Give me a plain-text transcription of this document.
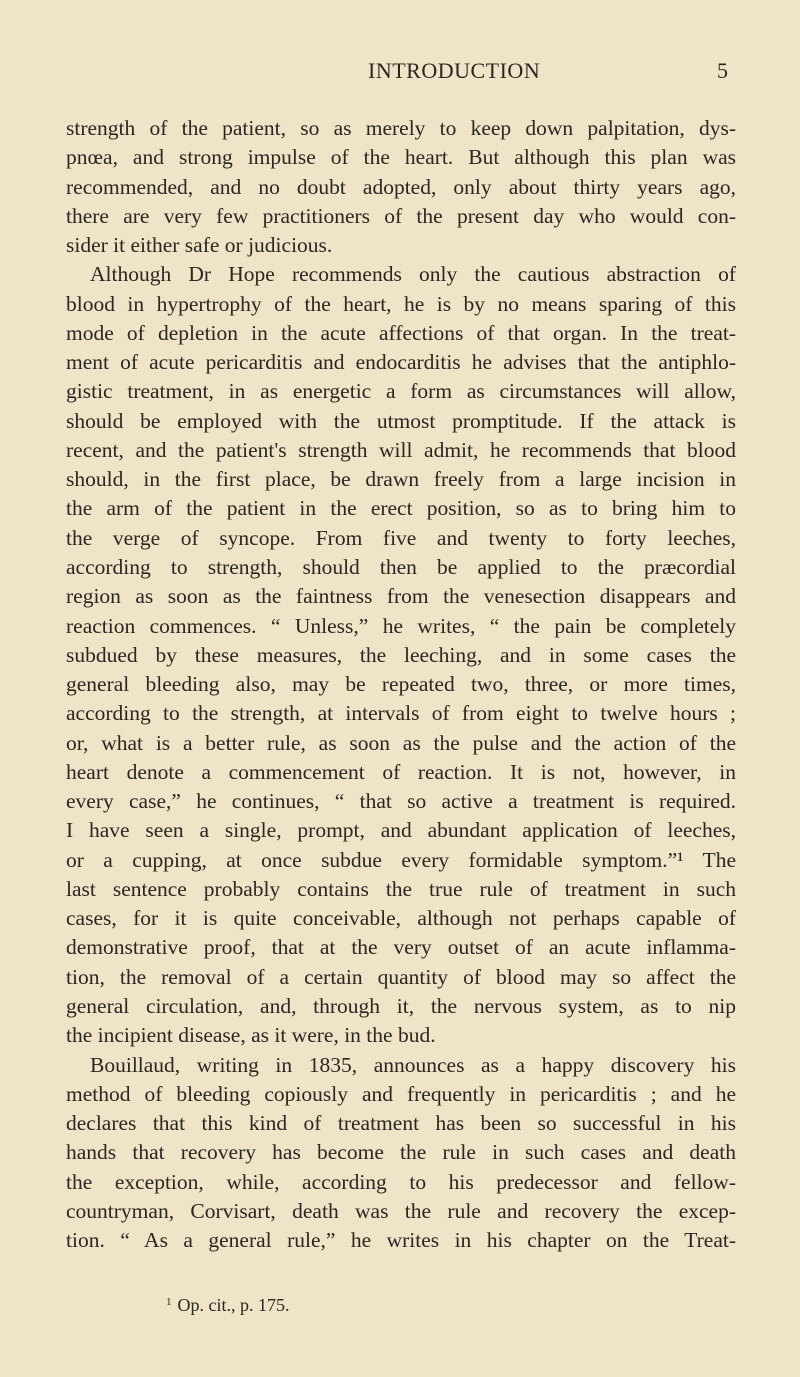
INTRODUCTION	5
strength of the patient, so as merely to keep down palpitation, dys-
pnœa, and strong impulse of the heart. But although this plan was
recommended, and no doubt adopted, only about thirty years ago,
there are very few practitioners of the present day who would con-
sider it either safe or judicious.
Although Dr Hope recommends only the cautious abstraction of
blood in hypertrophy of the heart, he is by no means sparing of this
mode of depletion in the acute affections of that organ. In the treat-
ment of acute pericarditis and endocarditis he advises that the antiphlo-
gistic treatment, in as energetic a form as circumstances will allow,
should be employed with the utmost promptitude. If the attack is
recent, and the patient's strength will admit, he recommends that blood
should, in the first place, be drawn freely from a large incision in
the arm of the patient in the erect position, so as to bring him to
the verge of syncope. From five and twenty to forty leeches,
according to strength, should then be applied to the præcordial
region as soon as the faintness from the venesection disappears and
reaction commences. “ Unless,” he writes, “ the pain be completely
subdued by these measures, the leeching, and in some cases the
general bleeding also, may be repeated two, three, or more times,
according to the strength, at intervals of from eight to twelve hours ;
or, what is a better rule, as soon as the pulse and the action of the
heart denote a commencement of reaction. It is not, however, in
every case,” he continues, “ that so active a treatment is required.
I have seen a single, prompt, and abundant application of leeches,
or a cupping, at once subdue every formidable symptom.”¹ The
last sentence probably contains the true rule of treatment in such
cases, for it is quite conceivable, although not perhaps capable of
demonstrative proof, that at the very outset of an acute inflamma-
tion, the removal of a certain quantity of blood may so affect the
general circulation, and, through it, the nervous system, as to nip
the incipient disease, as it were, in the bud.
Bouillaud, writing in 1835, announces as a happy discovery his
method of bleeding copiously and frequently in pericarditis ; and he
declares that this kind of treatment has been so successful in his
hands that recovery has become the rule in such cases and death
the exception, while, according to his predecessor and fellow-
countryman, Corvisart, death was the rule and recovery the excep-
tion. “ As a general rule,” he writes in his chapter on the Treat-
$^1$ Op. cit., p. 175.
